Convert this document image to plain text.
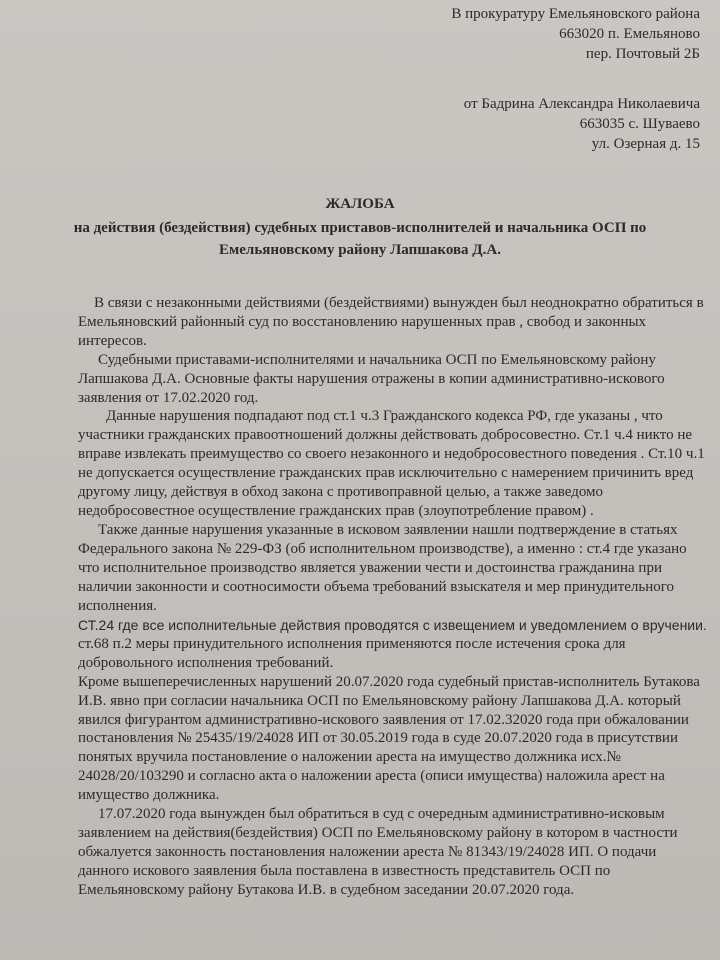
В прокуратуру Емельяновского района
663020 п. Емельяново
пер. Почтовый 2Б
от Бадрина Александра Николаевича
663035 с. Шуваево
ул. Озерная д. 15
ЖАЛОБА
на действия (бездействия) судебных приставов-исполнителей и начальника ОСП по
Емельяновскому району Лапшакова Д.А.

В связи с незаконными действиями (бездействиями) вынужден был неоднократно обратиться в Емельяновский районный суд по восстановлению нарушенных прав , свобод и законных интересов.

Судебными приставами-исполнителями и начальника ОСП по Емельяновскому району Лапшакова Д.А. Основные факты нарушения отражены в копии административно-искового заявления от 17.02.2020 год.

Данные нарушения подпадают под ст.1 ч.3 Гражданского кодекса РФ, где указаны , что участники гражданских правоотношений должны действовать добросовестно. Ст.1 ч.4 никто не вправе извлекать преимущество со своего незаконного и недобросовестного поведения . Ст.10 ч.1 не допускается осуществление гражданских прав исключительно с намерением причинить вред другому лицу, действуя в обход закона с противоправной целью, а также заведомо недобросовестное осуществление гражданских прав (злоупотребление правом) .

Также данные нарушения указанные в исковом заявлении нашли подтверждение в статьях Федерального закона № 229-ФЗ (об исполнительном производстве), а именно : ст.4 где указано что исполнительное производство является уважении чести и достоинства гражданина при наличии законности и соотносимости объема требований взыскателя и мер принудительного исполнения.

СТ.24 где все исполнительные действия проводятся с извещением и уведомлением о вручении.

ст.68 п.2 меры принудительного исполнения применяются после истечения срока для добровольного исполнения требований.

Кроме вышеперечисленных нарушений 20.07.2020 года судебный пристав-исполнитель Бутакова И.В. явно при согласии начальника ОСП по Емельяновскому району Лапшакова Д.А. который явился фигурантом административно-искового заявления от 17.02.32020 года при обжаловании постановления № 25435/19/24028 ИП от 30.05.2019 года в суде 20.07.2020 года в присутствии понятых вручила постановление о наложении ареста на имущество должника исх.№ 24028/20/103290 и согласно акта о наложении ареста (описи имущества) наложила арест на имущество должника.

17.07.2020 года вынужден был обратиться в суд с очередным административно-исковым заявлением на действия(бездействия) ОСП по Емельяновскому району в котором в частности обжалуется законность постановления наложении ареста № 81343/19/24028 ИП. О подачи данного искового заявления была поставлена в известность представитель ОСП по Емельяновскому району Бутакова И.В. в судебном заседании 20.07.2020 года.
